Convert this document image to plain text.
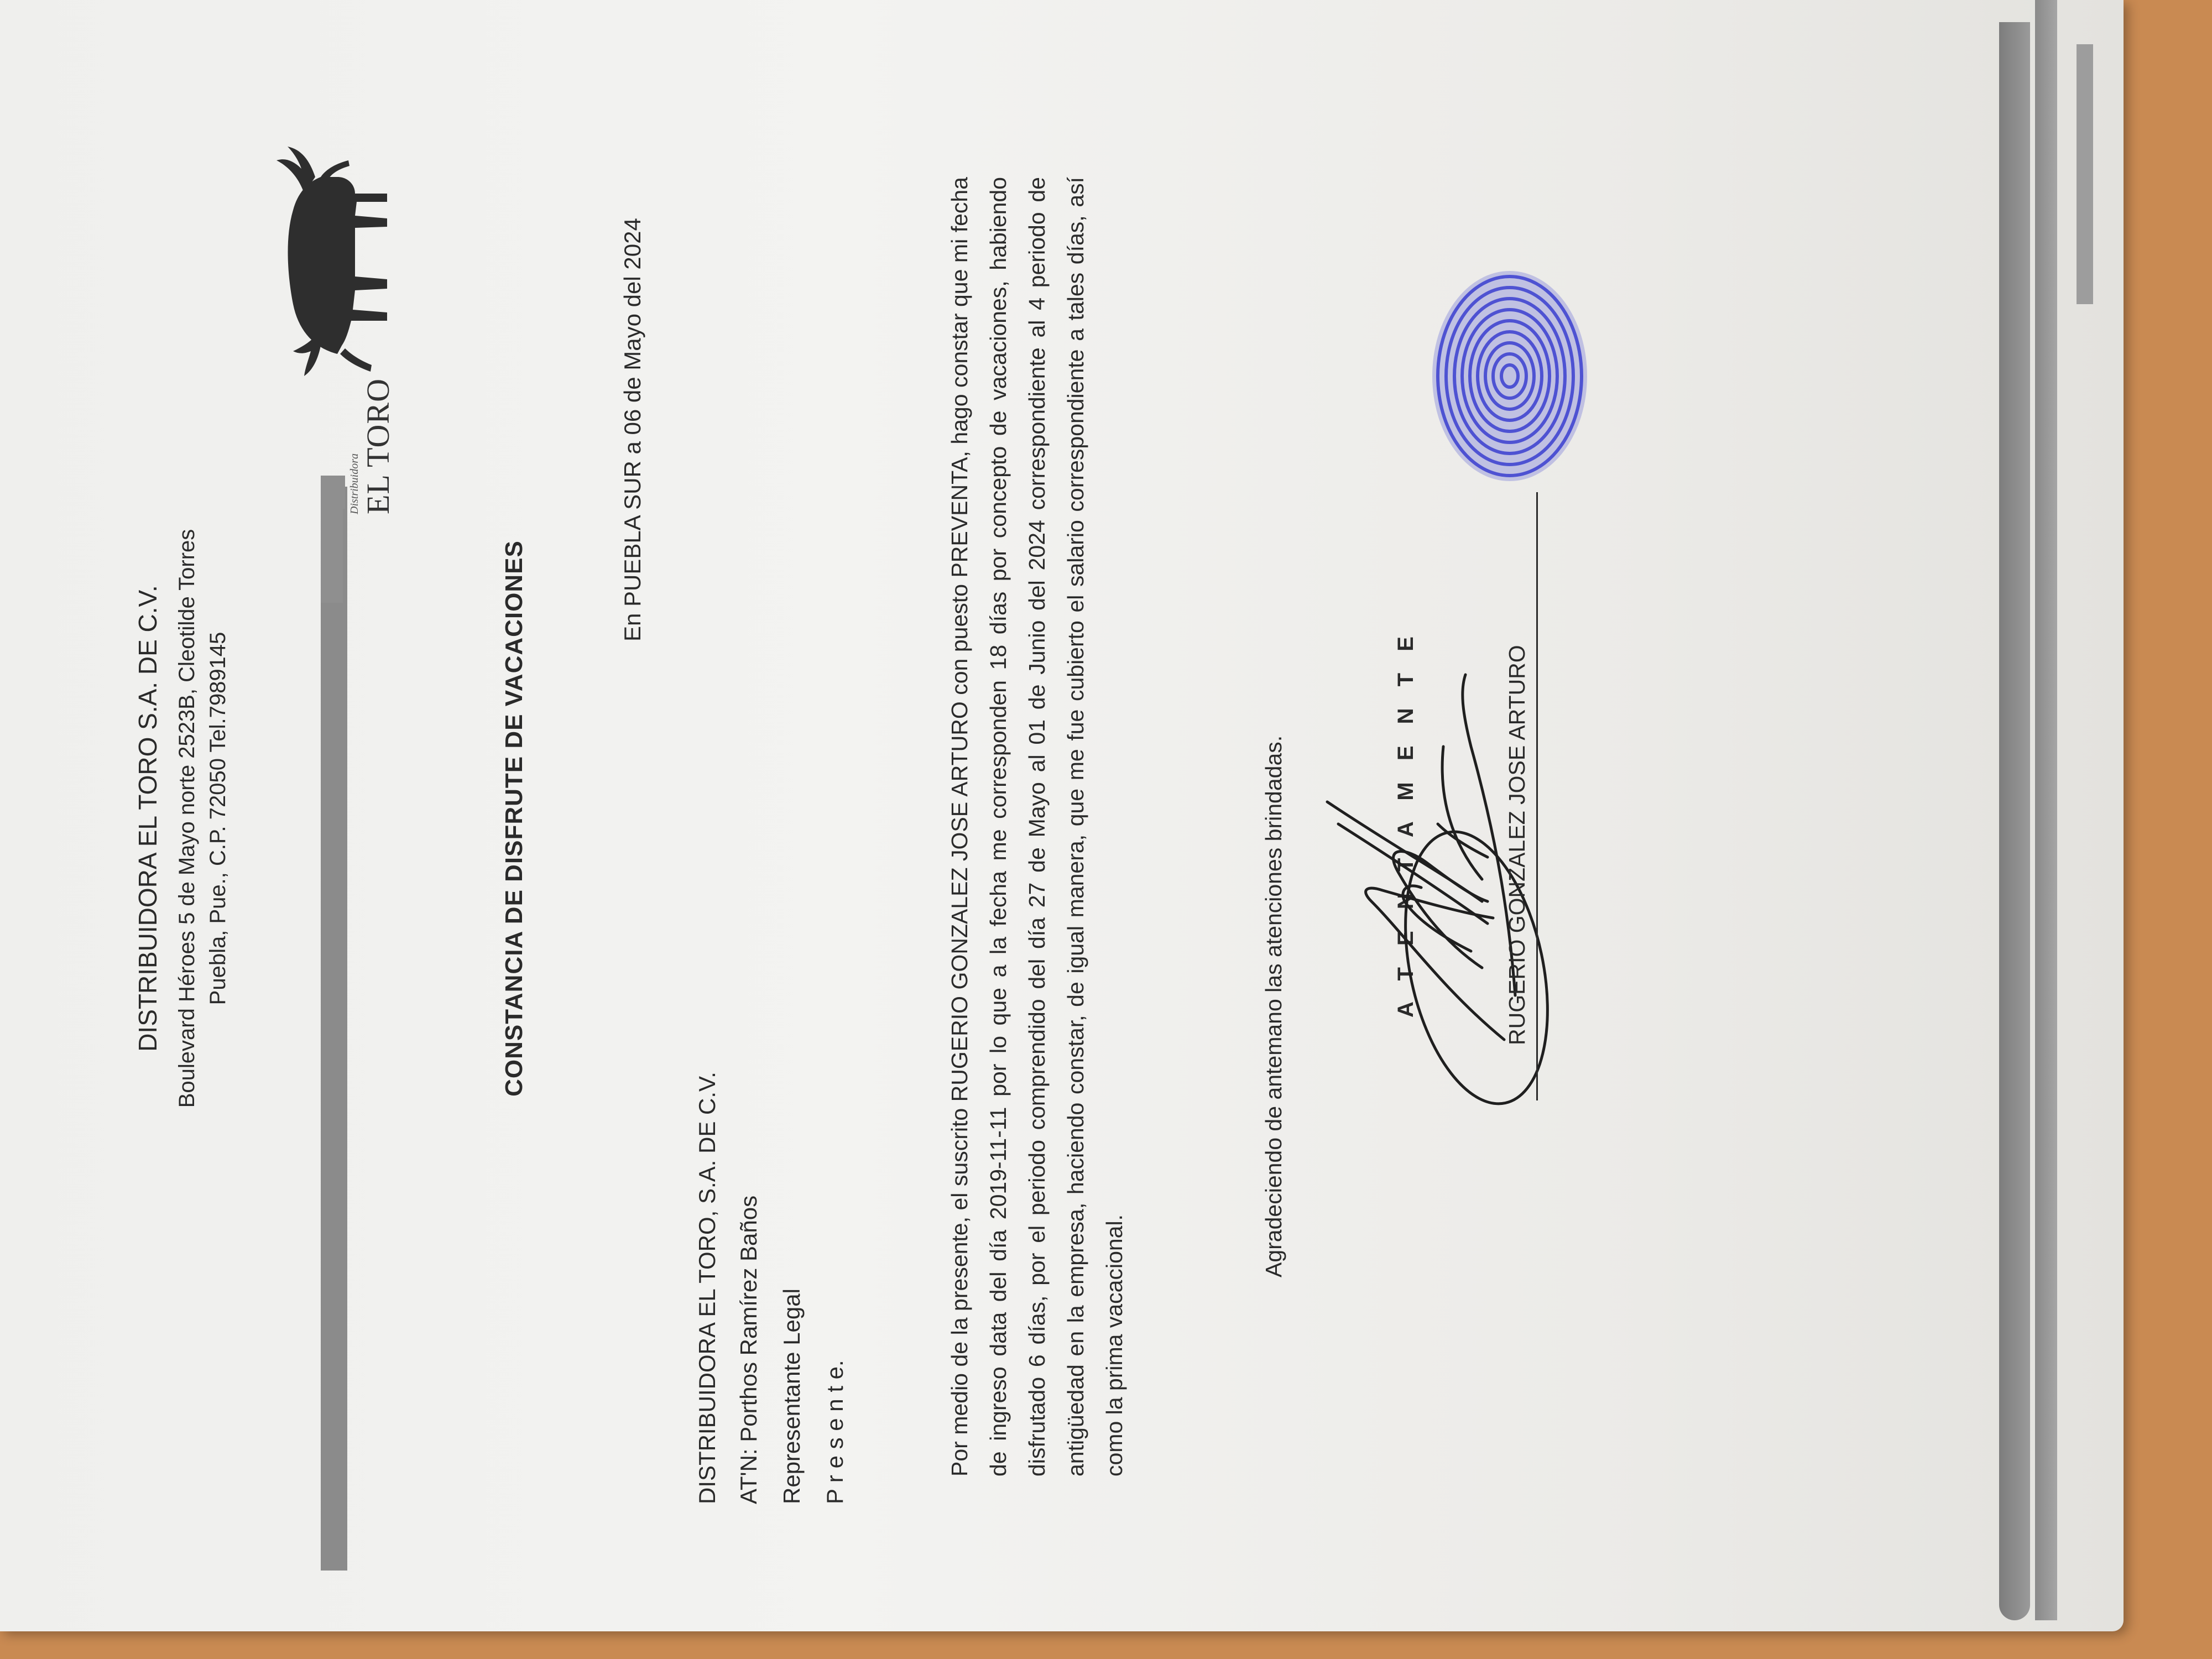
DISTRIBUIDORA EL TORO S.A. DE C.V. Boulevard Héroes 5 de Mayo norte 2523B, Cleotilde Torres Puebla, Pue., C.P. 72050 Tel.7989145
Distribuidora EL TORO
CONSTANCIA DE DISFRUTE DE VACACIONES
En PUEBLA SUR a 06 de Mayo del 2024
DISTRIBUIDORA EL TORO, S.A. DE C.V. AT'N: Porthos Ramírez Baños Representante Legal P r e s e n t e.	Por medio de la presente, el suscrito RUGERIO GONZALEZ JOSE ARTURO con puesto PREVENTA, hago constar que mi fecha de ingreso data del día 2019-11-11 por lo que a la fecha me corresponden 18 días por concepto de vacaciones, habiendo disfrutado 6 días, por el periodo comprendido del día 27 de Mayo al 01 de Junio del 2024 correspondiente al 4 periodo de antigüedad en la empresa, haciendo constar, de igual manera, que me fue cubierto el salario correspondiente a tales días, así como la prima vacacional.
Agradeciendo de antemano las atenciones brindadas.	A T E N T A M E N T E	RUGERIO GONZALEZ JOSE ARTURO
